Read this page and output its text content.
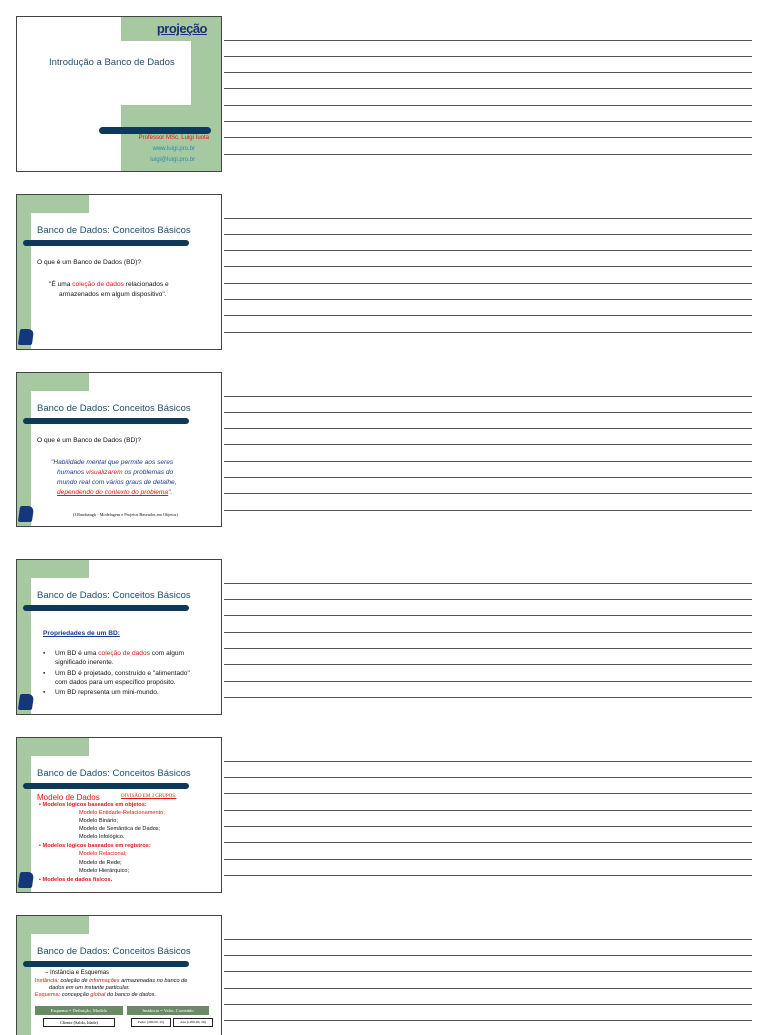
projeção
Introdução a Banco de Dados
Professor MSc. Luigi Iuota
www.luigi.pro.br
luigi@luigi.pro.br
Banco de Dados: Conceitos Básicos
O que é um Banco de Dados (BD)?
"É uma coleção de dados relacionados e
armazenados em algum dispositivo".
Banco de Dados: Conceitos Básicos
O que é um Banco de Dados (BD)?
"Habilidade mental que permite aos seres
humanos visualizarem os problemas do
mundo real com vários graus de detalhe,
dependendo do contexto do problema".
(J.Rumbaugh - Modelagem e Projetos Baseados em Objetos)
Banco de Dados: Conceitos Básicos
Propriedades de um BD:
▪ Um BD é uma coleção de dados com algum
significado inerente.
▪ Um BD é projetado, construído e "alimentado"
com dados para um específico propósito.
▪ Um BD representa um mini-mundo.
Banco de Dados: Conceitos Básicos
Modelo de Dados	DIVISÃO EM 3 GRUPOS:
▪ Modelos lógicos baseados em objetos:
Modelo Entidade-Relacionamento;
Modelo Binário;
Modelo de Semântica de Dados;
Modelo Infológico.
▪ Modelos lógicos baseados em registros:
Modelo Relacional;
Modelo de Rede;
Modelo Hierárquico;
▪ Modelos de dados físicos.
Banco de Dados: Conceitos Básicos
– Instância e Esquemas
Instância: coleção de informações armazenadas no banco de
dados em um instante particular.
Esquema: concepção global do banco de dados.
Esquema = Definição, Modelo	Instância = Valor, Conteúdo
Cliente (Saldo, Idade)	Pedro (200,00, 25)	Ana (1200,00, 29)
